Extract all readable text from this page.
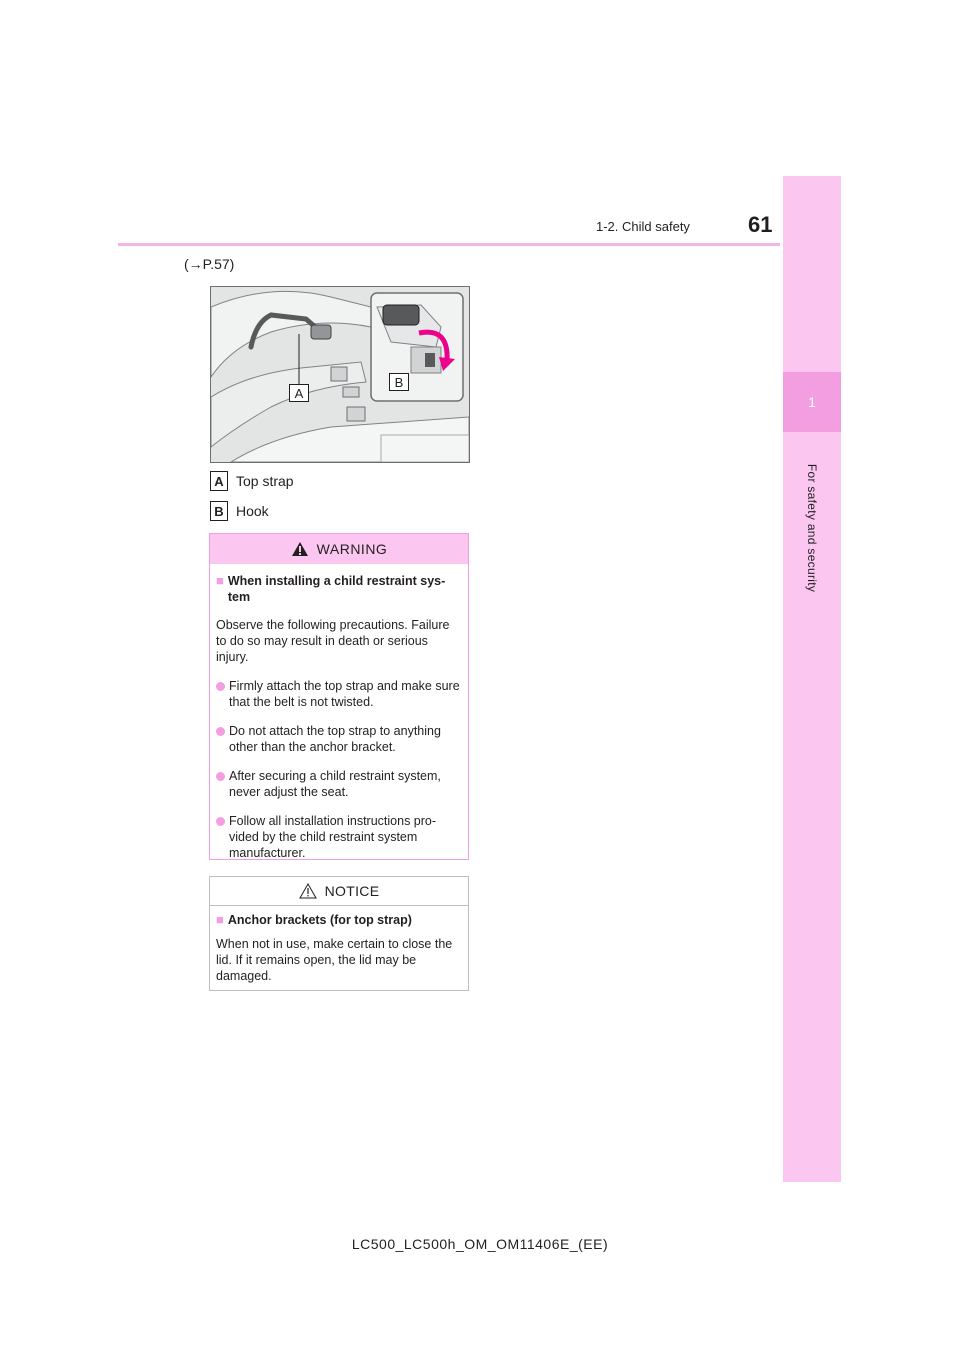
1
For safety and security
1-2. Child safety	61
(→P.57)
A
B
A Top strap
B Hook
WARNING
■ When installing a child restraint sys-tem
Observe the following precautions. Failure to do so may result in death or serious injury.
Firmly attach the top strap and make sure that the belt is not twisted.
Do not attach the top strap to anything other than the anchor bracket.
After securing a child restraint system, never adjust the seat.
Follow all installation instructions pro-vided by the child restraint system manufacturer.
NOTICE
■ Anchor brackets (for top strap)
When not in use, make certain to close the lid. If it remains open, the lid may be damaged.
LC500_LC500h_OM_OM11406E_(EE)
